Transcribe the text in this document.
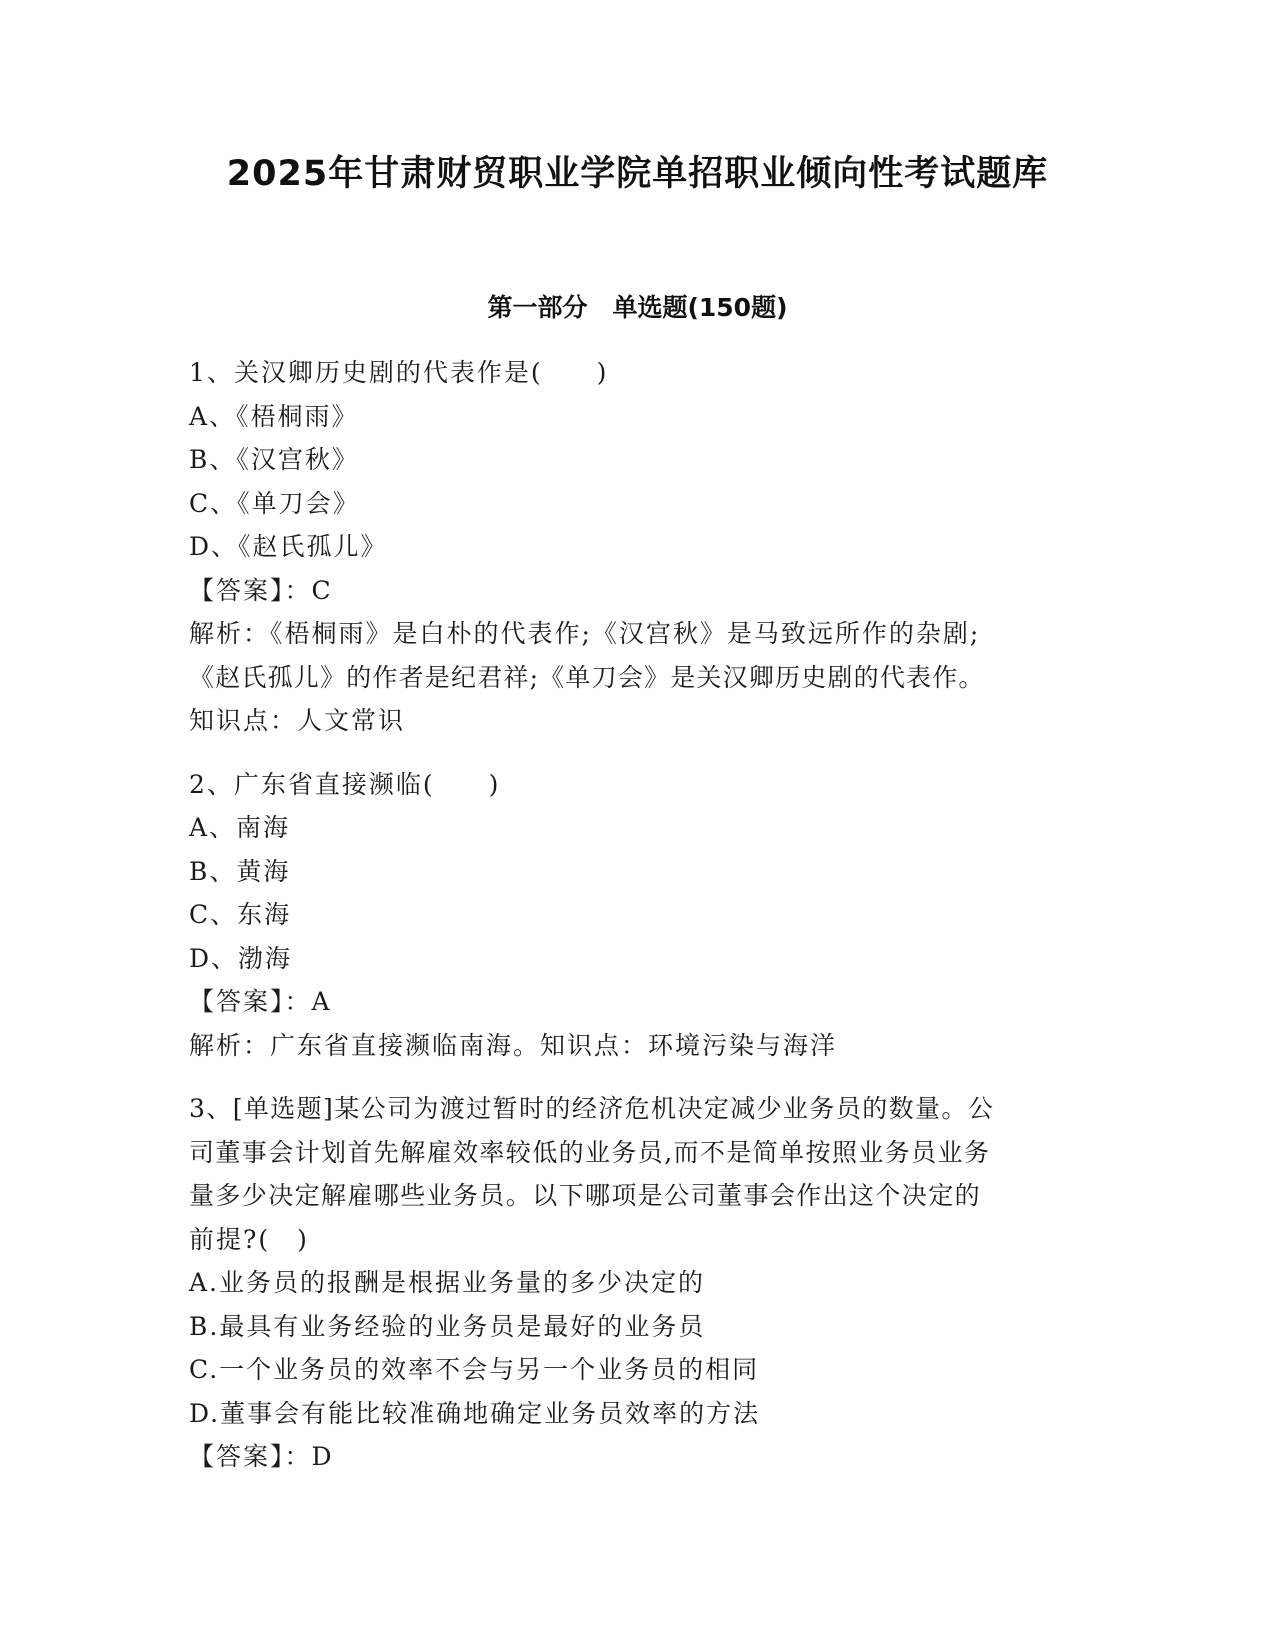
2025年甘肃财贸职业学院单招职业倾向性考试题库
第一部分　单选题(150题)
1、关汉卿历史剧的代表作是(　　)
A、《梧桐雨》
B、《汉宫秋》
C、《单刀会》
D、《赵氏孤儿》
【答案】：C
解析：《梧桐雨》是白朴的代表作;《汉宫秋》是马致远所作的杂剧;
《赵氏孤儿》的作者是纪君祥;《单刀会》是关汉卿历史剧的代表作。
知识点：人文常识
2、广东省直接濒临(　　)
A、南海
B、黄海
C、东海
D、渤海
【答案】：A
解析：广东省直接濒临南海。知识点：环境污染与海洋
3、[单选题]某公司为渡过暂时的经济危机决定减少业务员的数量。公
司董事会计划首先解雇效率较低的业务员,而不是简单按照业务员业务
量多少决定解雇哪些业务员。以下哪项是公司董事会作出这个决定的
前提?(　)
A.业务员的报酬是根据业务量的多少决定的
B.最具有业务经验的业务员是最好的业务员
C.一个业务员的效率不会与另一个业务员的相同
D.董事会有能比较准确地确定业务员效率的方法
【答案】：D
